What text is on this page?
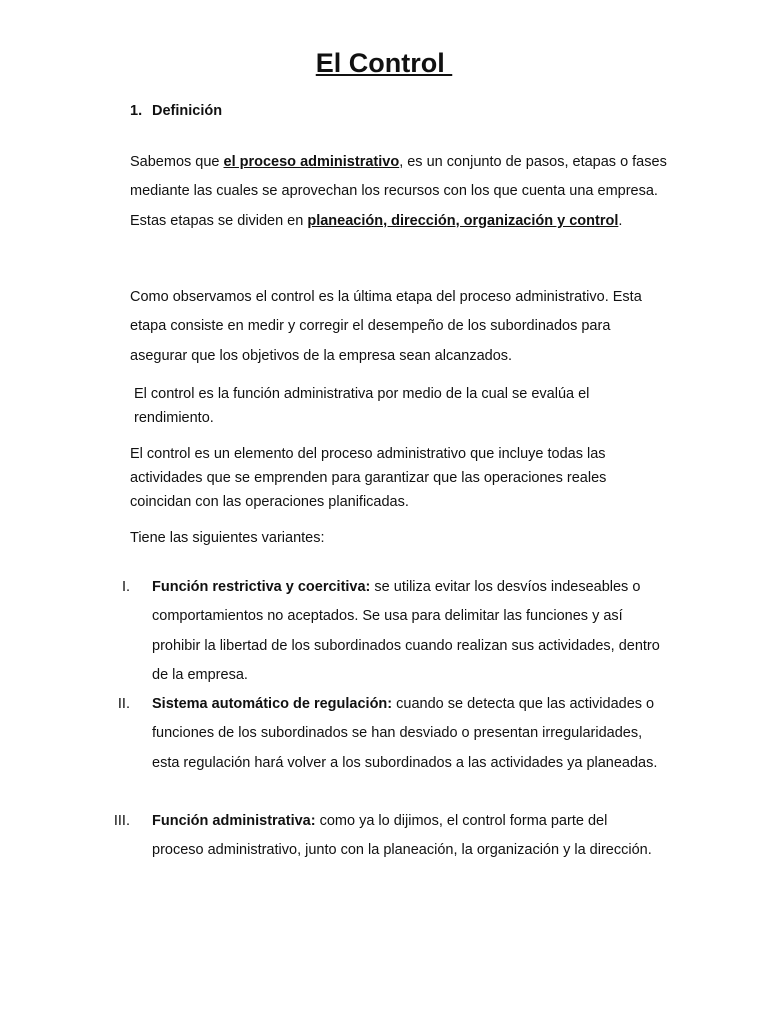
El Control
1. Definición

Sabemos que el proceso administrativo, es un conjunto de pasos, etapas o fases mediante las cuales se aprovechan los recursos con los que cuenta una empresa. Estas etapas se dividen en planeación, dirección, organización y control.

Como observamos el control es la última etapa del proceso administrativo. Esta etapa consiste en medir y corregir el desempeño de los subordinados para asegurar que los objetivos de la empresa sean alcanzados.

El control es la función administrativa por medio de la cual se evalúa el rendimiento.

El control es un elemento del proceso administrativo que incluye todas las actividades que se emprenden para garantizar que las operaciones reales coincidan con las operaciones planificadas.

Tiene las siguientes variantes:

I. Función restrictiva y coercitiva: se utiliza evitar los desvíos indeseables o comportamientos no aceptados. Se usa para delimitar las funciones y así prohibir la libertad de los subordinados cuando realizan sus actividades, dentro de la empresa.
II. Sistema automático de regulación: cuando se detecta que las actividades o funciones de los subordinados se han desviado o presentan irregularidades, esta regulación hará volver a los subordinados a las actividades ya planeadas.
III. Función administrativa: como ya lo dijimos, el control forma parte del proceso administrativo, junto con la planeación, la organización y la dirección.
